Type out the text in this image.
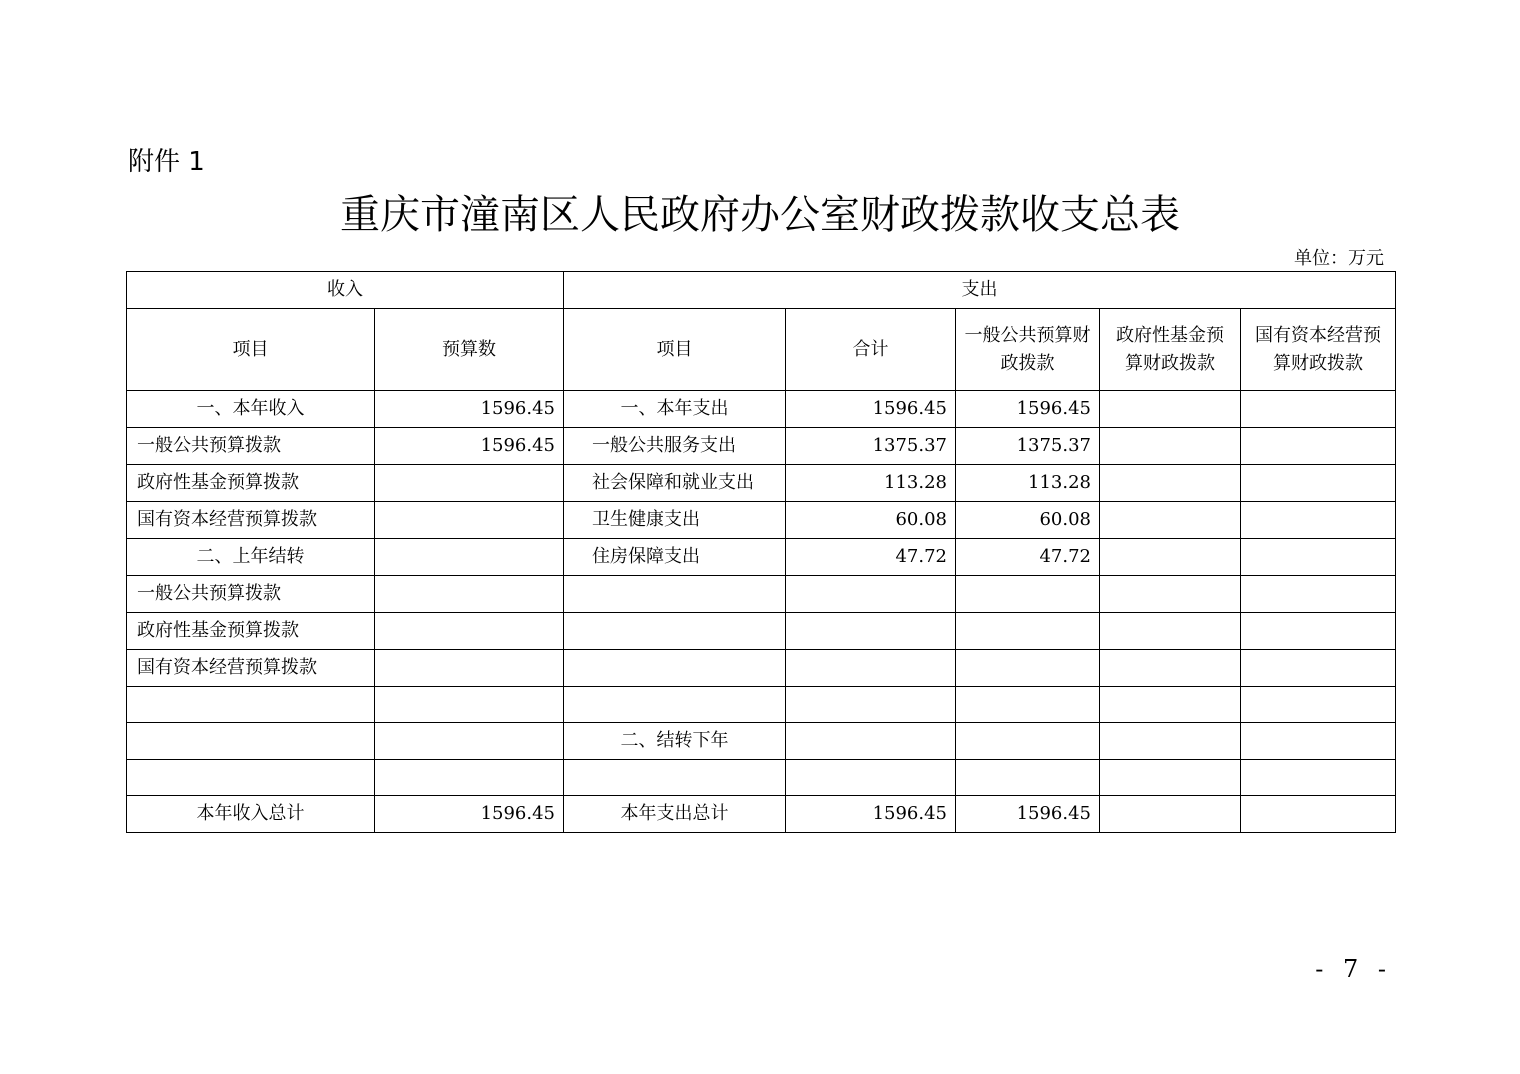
附件 1
重庆市潼南区人民政府办公室财政拨款收支总表
单位：万元
收入		支出				
项目	预算数	项目	合计	一般公共预算财政拨款	政府性基金预算财政拨款	国有资本经营预算财政拨款
一、本年收入	1596.45	一、本年支出	1596.45	1596.45		
一般公共预算拨款	1596.45	一般公共服务支出	1375.37	1375.37		
政府性基金预算拨款		社会保障和就业支出	113.28	113.28		
国有资本经营预算拨款		卫生健康支出	60.08	60.08		
二、上年结转		住房保障支出	47.72	47.72		
一般公共预算拨款						
政府性基金预算拨款						
国有资本经营预算拨款						

		二、结转下年				

本年收入总计	1596.45	本年支出总计	1596.45	1596.45		
- 7 -
